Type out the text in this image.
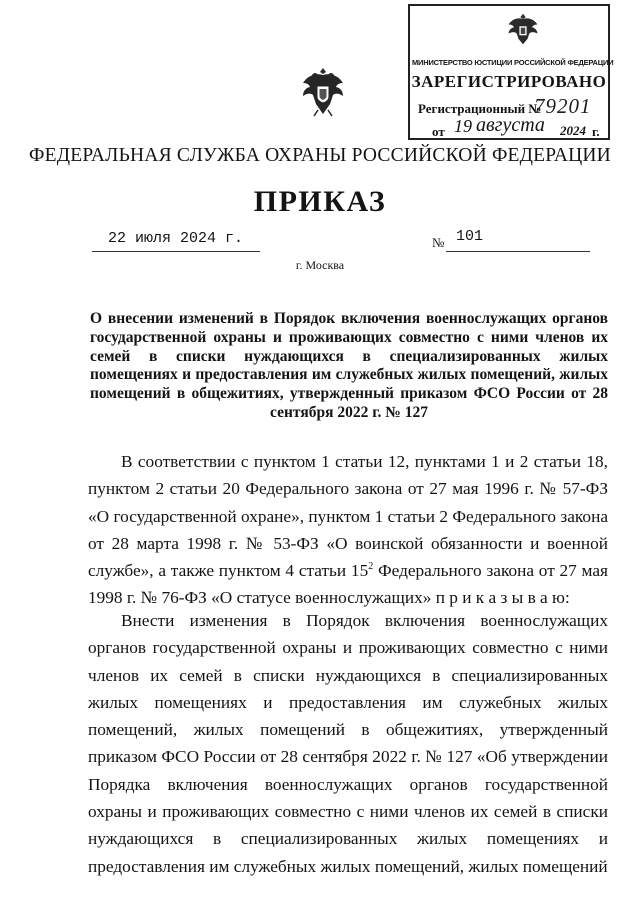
МИНИСТЕРСТВО ЮСТИЦИИ РОССИЙСКОЙ ФЕДЕРАЦИИ
ЗАРЕГИСТРИРОВАНО
Регистрационный №
79201
от 19 августа 2024 г.
ФЕДЕРАЛЬНАЯ СЛУЖБА ОХРАНЫ РОССИЙСКОЙ ФЕДЕРАЦИИ
ПРИКАЗ
22 июля 2024 г.	№ 101
г. Москва
О внесении изменений в Порядок включения военнослужащих органов государственной охраны и проживающих совместно с ними членов их семей в списки нуждающихся в специализированных жилых помещениях и предоставления им служебных жилых помещений, жилых помещений в общежитиях, утвержденный приказом ФСО России от 28 сентября 2022 г. № 127
В соответствии с пунктом 1 статьи 12, пунктами 1 и 2 статьи 18, пунктом 2 статьи 20 Федерального закона от 27 мая 1996 г. № 57-ФЗ «О государственной охране», пунктом 1 статьи 2 Федерального закона от 28 марта 1998 г. № 53-ФЗ «О воинской обязанности и военной службе», а также пунктом 4 статьи $15^2$ Федерального закона от 27 мая 1998 г. № 76-ФЗ «О статусе военнослужащих» п р и к а з ы в а ю:
Внести изменения в Порядок включения военнослужащих органов государственной охраны и проживающих совместно с ними членов их семей в списки нуждающихся в специализированных жилых помещениях и предоставления им служебных жилых помещений, жилых помещений в общежитиях, утвержденный приказом ФСО России от 28 сентября 2022 г. № 127 «Об утверждении Порядка включения военнослужащих органов государственной охраны и проживающих совместно с ними членов их семей в списки нуждающихся в специализированных жилых помещениях и предоставления им служебных жилых помещений, жилых помещений
